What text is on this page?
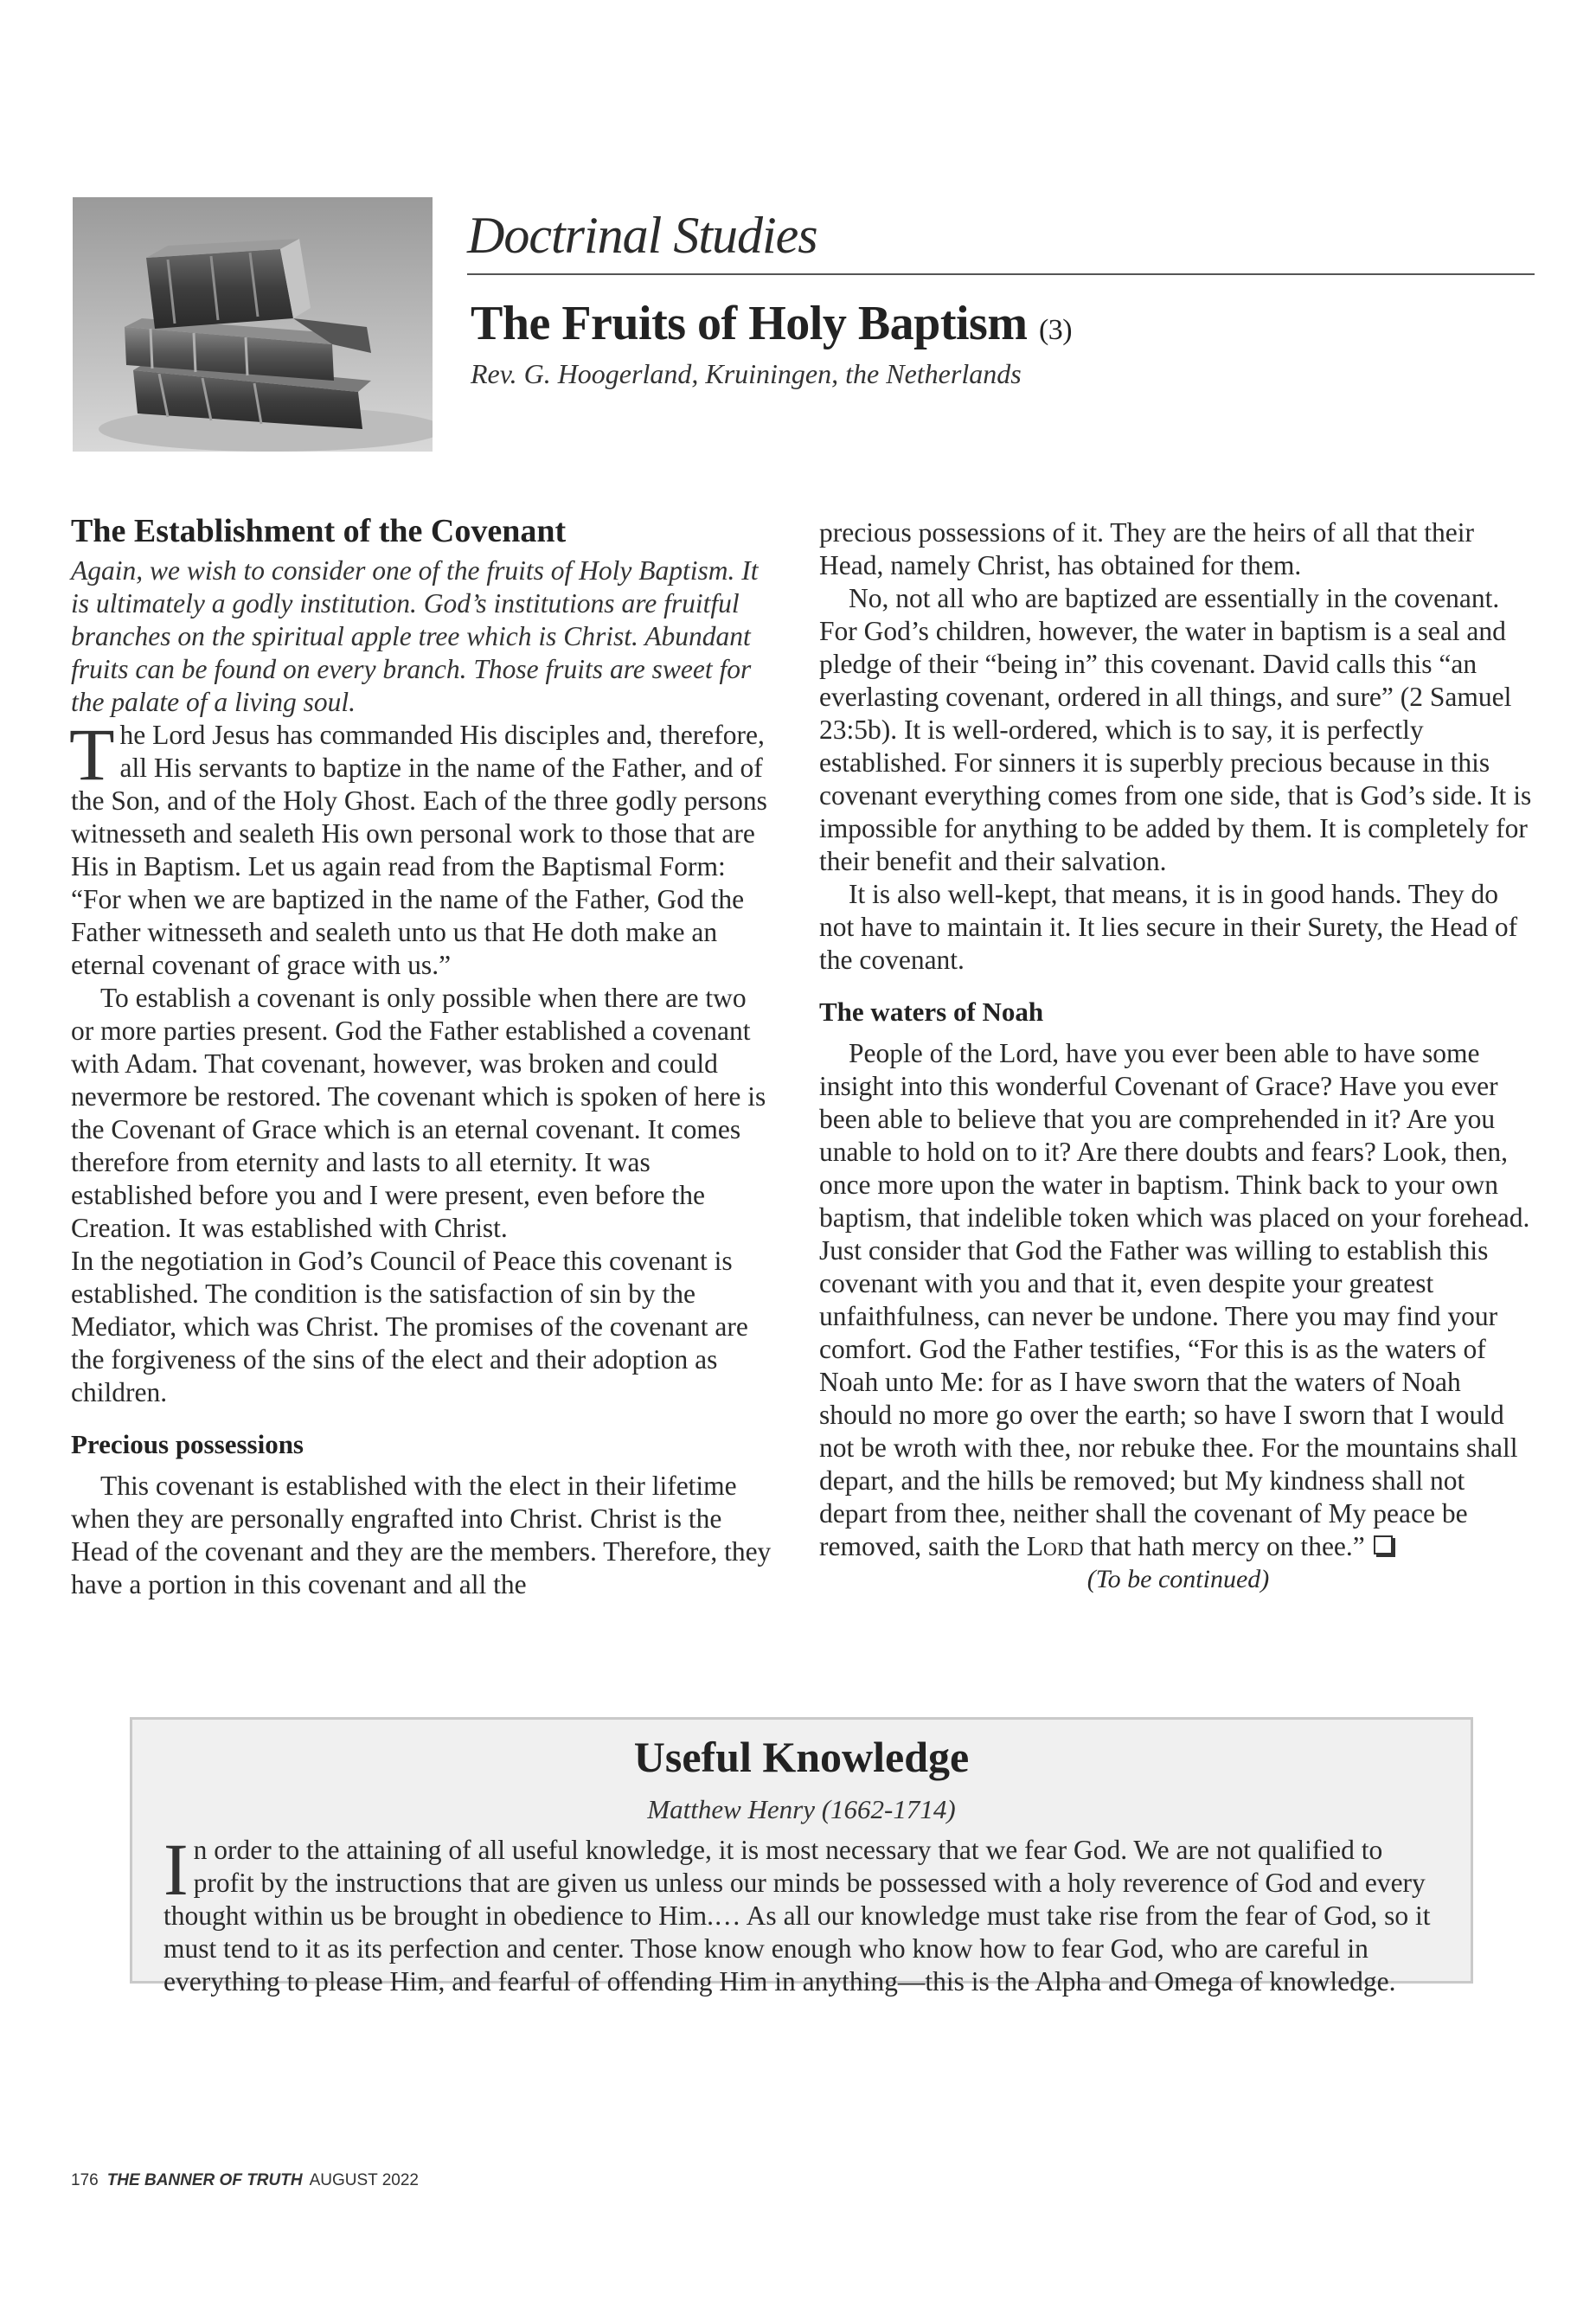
Doctrinal Studies
The Fruits of Holy Baptism (3)
Rev. G. Hoogerland, Kruiningen, the Netherlands
The Establishment of the Covenant

Again, we wish to consider one of the fruits of Holy Baptism. It is ultimately a godly institution. God’s institutions are fruitful branches on the spiritual apple tree which is Christ. Abundant fruits can be found on every branch. Those fruits are sweet for the palate of a living soul.

The Lord Jesus has commanded His disciples and, therefore, all His servants to baptize in the name of the Father, and of the Son, and of the Holy Ghost. Each of the three godly persons witnesseth and sealeth His own personal work to those that are His in Baptism. Let us again read from the Baptismal Form: “For when we are baptized in the name of the Father, God the Father witnesseth and sealeth unto us that He doth make an eternal covenant of grace with us.”

To establish a covenant is only possible when there are two or more parties present. God the Father established a covenant with Adam. That covenant, however, was broken and could nevermore be restored. The covenant which is spoken of here is the Covenant of Grace which is an eternal covenant. It comes therefore from eternity and lasts to all eternity. It was established before you and I were present, even before the Creation. It was established with Christ.

In the negotiation in God’s Council of Peace this covenant is established. The condition is the satisfaction of sin by the Mediator, which was Christ. The promises of the covenant are the forgiveness of the sins of the elect and their adoption as children.

Precious possessions

This covenant is established with the elect in their lifetime when they are personally engrafted into Christ. Christ is the Head of the covenant and they are the members. Therefore, they have a portion in this covenant and all the

precious possessions of it. They are the heirs of all that their Head, namely Christ, has obtained for them.

No, not all who are baptized are essentially in the covenant. For God’s children, however, the water in baptism is a seal and pledge of their “being in” this covenant. David calls this “an everlasting covenant, ordered in all things, and sure” (2 Samuel 23:5b). It is well-ordered, which is to say, it is perfectly established. For sinners it is superbly precious because in this covenant everything comes from one side, that is God’s side. It is impossible for anything to be added by them. It is completely for their benefit and their salvation.

It is also well-kept, that means, it is in good hands. They do not have to maintain it. It lies secure in their Surety, the Head of the covenant.

The waters of Noah

People of the Lord, have you ever been able to have some insight into this wonderful Covenant of Grace? Have you ever been able to believe that you are comprehended in it? Are you unable to hold on to it? Are there doubts and fears? Look, then, once more upon the water in baptism. Think back to your own baptism, that indelible token which was placed on your forehead. Just consider that God the Father was willing to establish this covenant with you and that it, even despite your greatest unfaithfulness, can never be undone. There you may find your comfort. God the Father testifies, “For this is as the waters of Noah unto Me: for as I have sworn that the waters of Noah should no more go over the earth; so have I sworn that I would not be wroth with thee, nor rebuke thee. For the mountains shall depart, and the hills be removed; but My kindness shall not depart from thee, neither shall the covenant of My peace be removed, saith the Lord that hath mercy on thee.”

(To be continued)

Useful Knowledge
Matthew Henry (1662-1714)
In order to the attaining of all useful knowledge, it is most necessary that we fear God. We are not qualified to profit by the instructions that are given us unless our minds be possessed with a holy reverence of God and every thought within us be brought in obedience to Him.… As all our knowledge must take rise from the fear of God, so it must tend to it as its perfection and center. Those know enough who know how to fear God, who are careful in everything to please Him, and fearful of offending Him in anything—this is the Alpha and Omega of knowledge.
176 THE BANNER OF TRUTH AUGUST 2022
